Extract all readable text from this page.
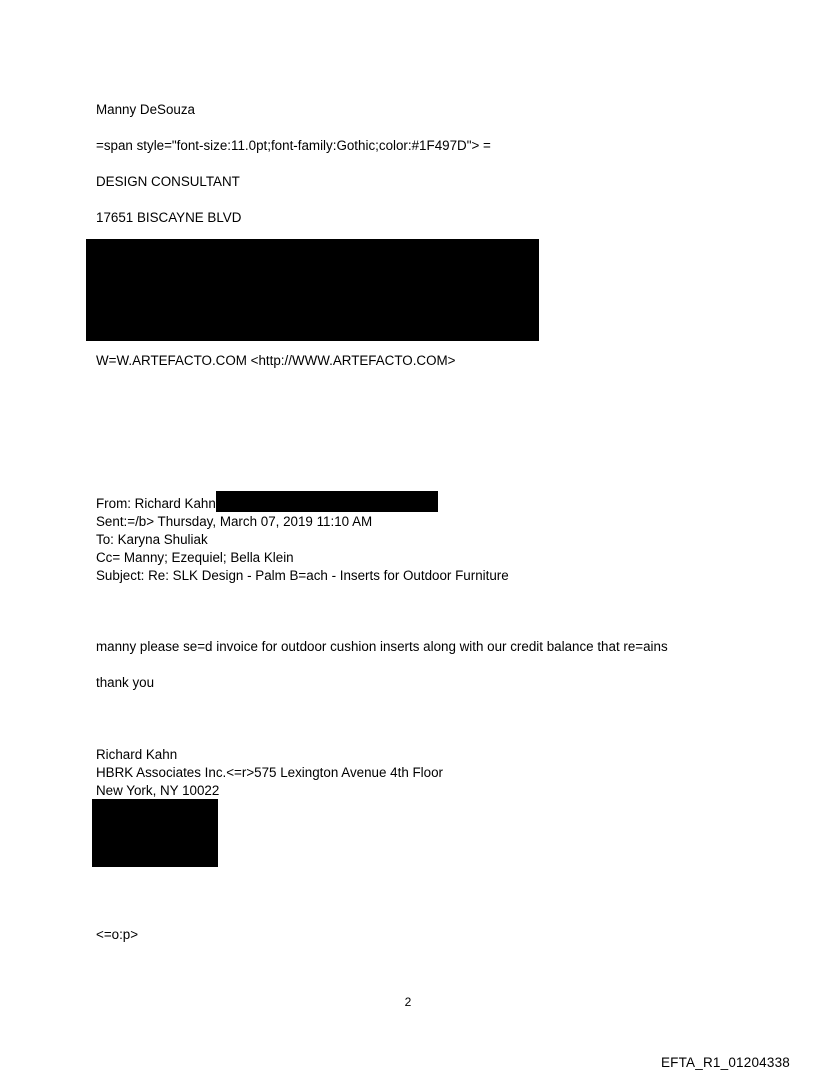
Manny DeSouza
=span style="font-size:11.0pt;font-family:Gothic;color:#1F497D"> =
DESIGN CONSULTANT
17651 BISCAYNE BLVD
W=W.ARTEFACTO.COM <http://WWW.ARTEFACTO.COM>
From: Richard Kahn
Sent:=/b> Thursday, March 07, 2019 11:10 AM
To: Karyna Shuliak
Cc= Manny; Ezequiel; Bella Klein
Subject: Re: SLK Design - Palm B=ach - Inserts for Outdoor Furniture
manny please se=d invoice for outdoor cushion inserts along with our credit balance that re=ains
thank you
Richard Kahn
HBRK Associates Inc.<=r>575 Lexington Avenue 4th Floor
New York, NY 10022
<=o:p>
2
EFTA_R1_01204338
